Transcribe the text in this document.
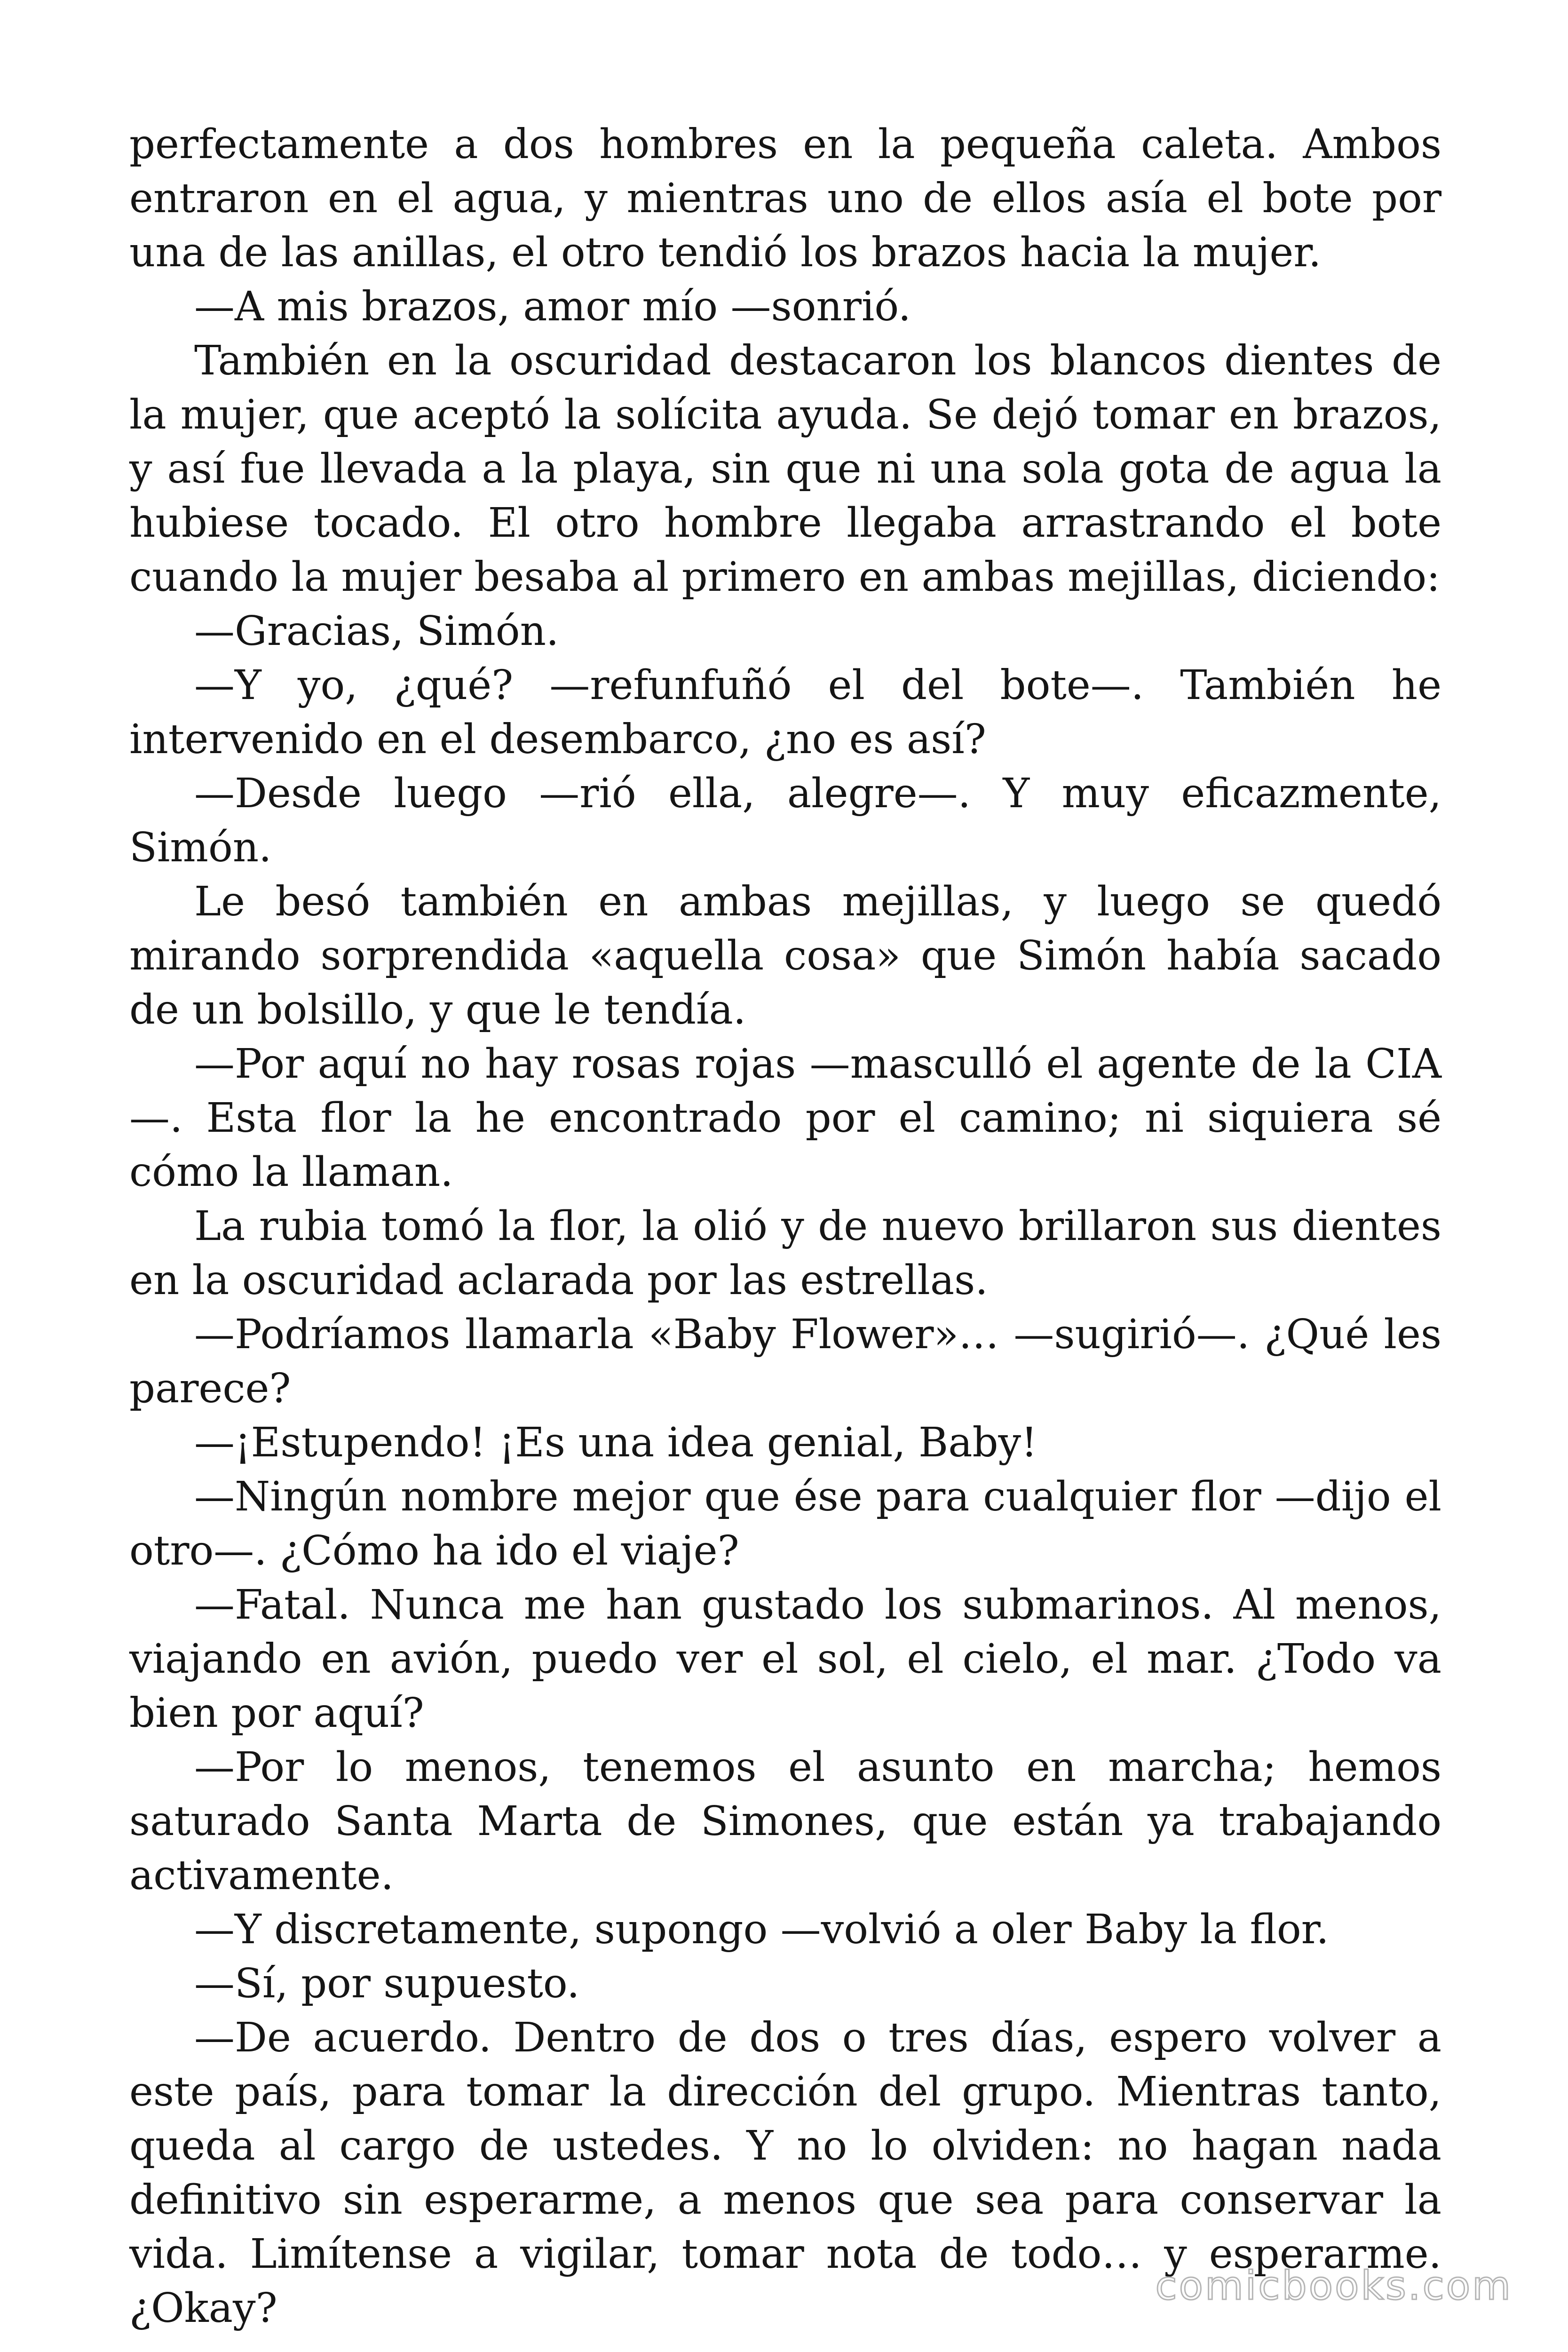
perfectamente a dos hombres en la pequeña caleta. Ambos entraron en el agua, y mientras uno de ellos asía el bote por una de las anillas, el otro tendió los brazos hacia la mujer.

—A mis brazos, amor mío —sonrió.

También en la oscuridad destacaron los blancos dientes de la mujer, que aceptó la solícita ayuda. Se dejó tomar en brazos, y así fue llevada a la playa, sin que ni una sola gota de agua la hubiese tocado. El otro hombre llegaba arrastrando el bote cuando la mujer besaba al primero en ambas mejillas, diciendo:

—Gracias, Simón.

—Y yo, ¿qué? —refunfuñó el del bote—. También he intervenido en el desembarco, ¿no es así?

—Desde luego —rió ella, alegre—. Y muy eficazmente, Simón.

Le besó también en ambas mejillas, y luego se quedó mirando sorprendida «aquella cosa» que Simón había sacado de un bolsillo, y que le tendía.

—Por aquí no hay rosas rojas —masculló el agente de la CIA—. Esta flor la he encontrado por el camino; ni siquiera sé cómo la llaman.

La rubia tomó la flor, la olió y de nuevo brillaron sus dientes en la oscuridad aclarada por las estrellas.

—Podríamos llamarla «Baby Flower»… —sugirió—. ¿Qué les parece?

—¡Estupendo! ¡Es una idea genial, Baby!

—Ningún nombre mejor que ése para cualquier flor —dijo el otro—. ¿Cómo ha ido el viaje?

—Fatal. Nunca me han gustado los submarinos. Al menos, viajando en avión, puedo ver el sol, el cielo, el mar. ¿Todo va bien por aquí?

—Por lo menos, tenemos el asunto en marcha; hemos saturado Santa Marta de Simones, que están ya trabajando activamente.

—Y discretamente, supongo —volvió a oler Baby la flor.

—Sí, por supuesto.

—De acuerdo. Dentro de dos o tres días, espero volver a este país, para tomar la dirección del grupo. Mientras tanto, queda al cargo de ustedes. Y no lo olviden: no hagan nada definitivo sin esperarme, a menos que sea para conservar la vida. Limítense a vigilar, tomar nota de todo… y esperarme. ¿Okay?	comicbooks.com
